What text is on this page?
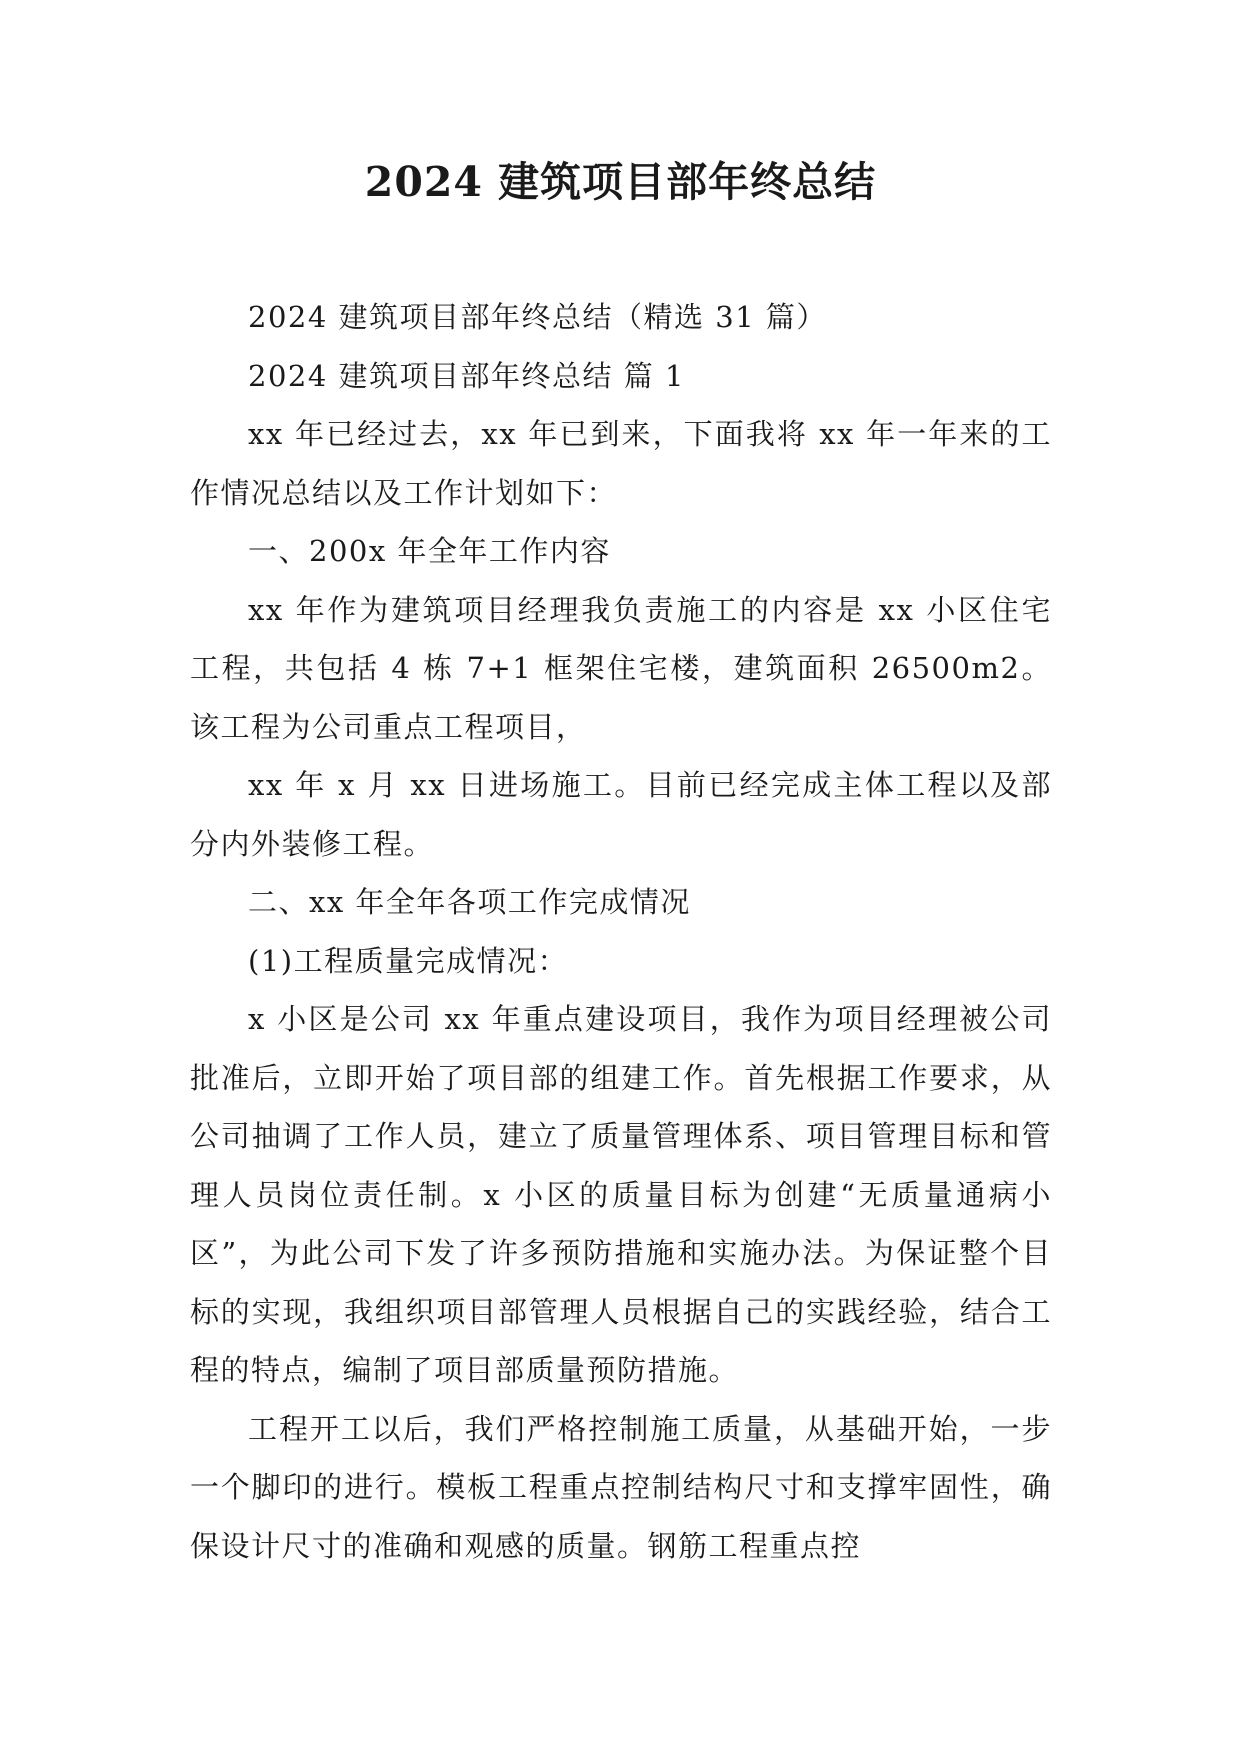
2024 建筑项目部年终总结

2024 建筑项目部年终总结（精选 31 篇）

2024 建筑项目部年终总结 篇 1

xx 年已经过去，xx 年已到来，下面我将 xx 年一年来的工作情况总结以及工作计划如下：

一、200x 年全年工作内容

xx 年作为建筑项目经理我负责施工的内容是 xx 小区住宅工程，共包括 4 栋 7+1 框架住宅楼，建筑面积 26500m2。该工程为公司重点工程项目，

xx 年 x 月 xx 日进场施工。目前已经完成主体工程以及部分内外装修工程。

二、xx 年全年各项工作完成情况

(1)工程质量完成情况：

x 小区是公司 xx 年重点建设项目，我作为项目经理被公司批准后，立即开始了项目部的组建工作。首先根据工作要求，从公司抽调了工作人员，建立了质量管理体系、项目管理目标和管理人员岗位责任制。x 小区的质量目标为创建“无质量通病小区”，为此公司下发了许多预防措施和实施办法。为保证整个目标的实现，我组织项目部管理人员根据自己的实践经验，结合工程的特点，编制了项目部质量预防措施。

工程开工以后，我们严格控制施工质量，从基础开始，一步一个脚印的进行。模板工程重点控制结构尺寸和支撑牢固性，确保设计尺寸的准确和观感的质量。钢筋工程重点控
